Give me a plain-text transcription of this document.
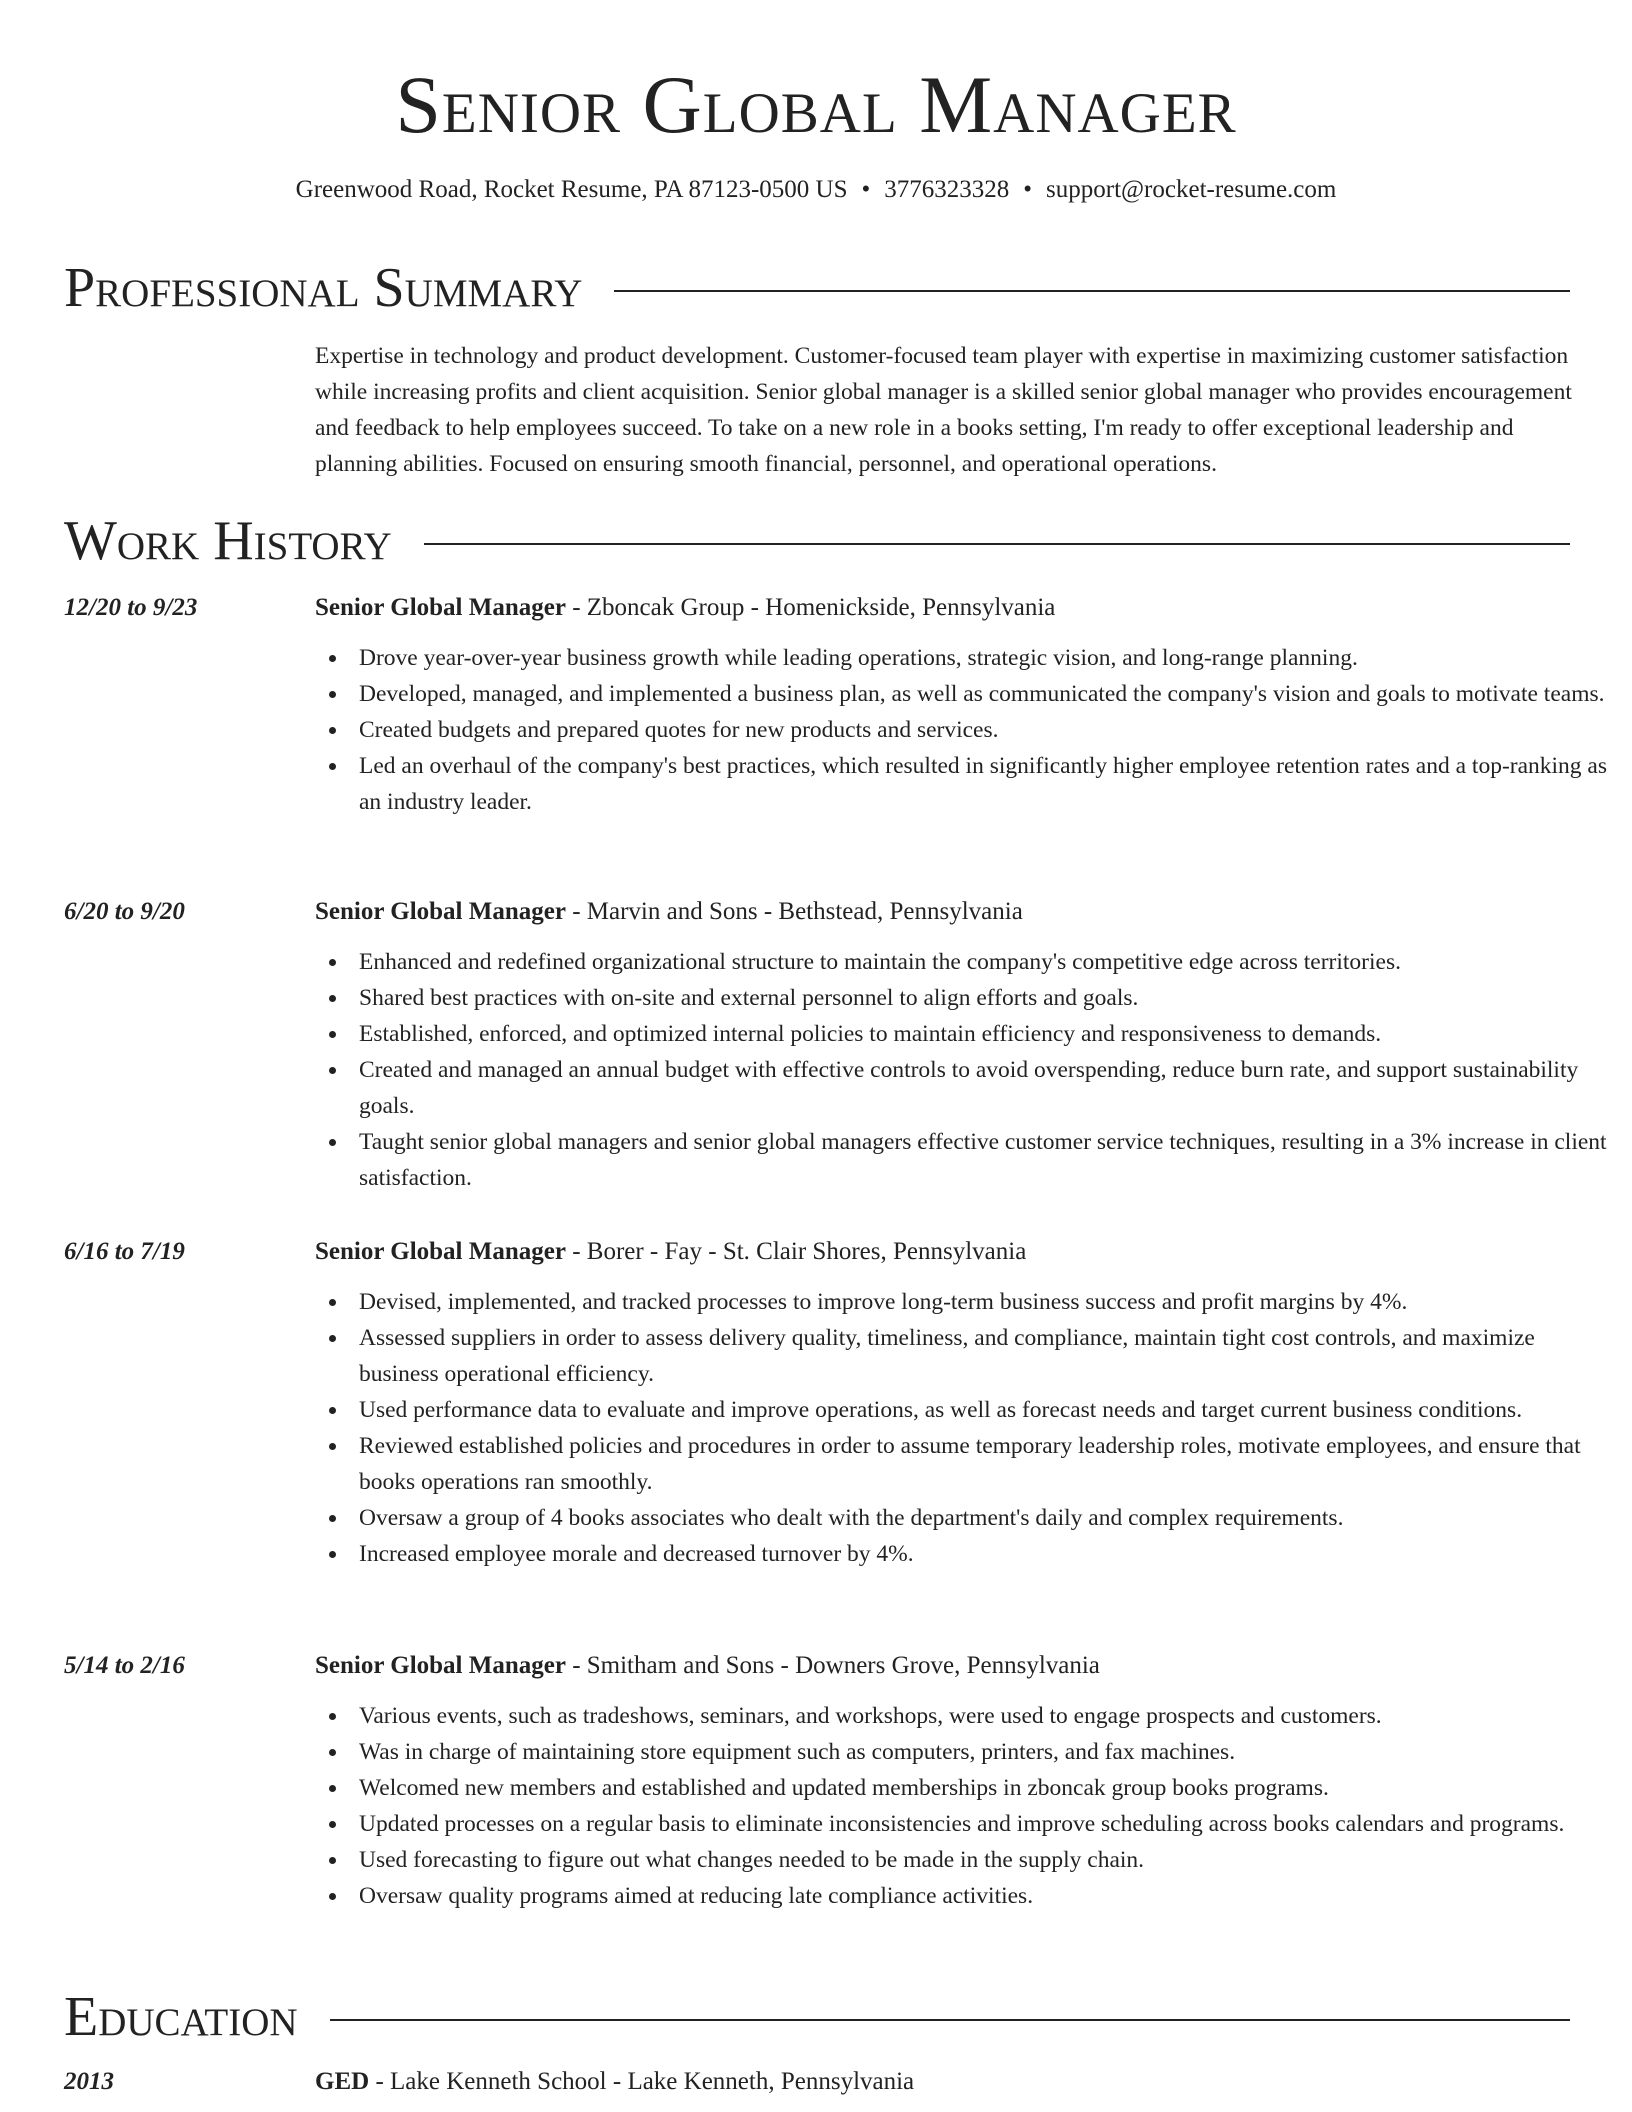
Senior Global Manager
Greenwood Road, Rocket Resume, PA 87123-0500 US • 3776323328 • support@rocket-resume.com
Professional Summary
Expertise in technology and product development. Customer-focused team player with expertise in maximizing customer satisfaction while increasing profits and client acquisition. Senior global manager is a skilled senior global manager who provides encouragement and feedback to help employees succeed. To take on a new role in a books setting, I'm ready to offer exceptional leadership and planning abilities. Focused on ensuring smooth financial, personnel, and operational operations.
Work History
12/20 to 9/23	Senior Global Manager - Zboncak Group - Homenickside, Pennsylvania
Drove year-over-year business growth while leading operations, strategic vision, and long-range planning.
Developed, managed, and implemented a business plan, as well as communicated the company's vision and goals to motivate teams.
Created budgets and prepared quotes for new products and services.
Led an overhaul of the company's best practices, which resulted in significantly higher employee retention rates and a top-ranking as an industry leader.
6/20 to 9/20	Senior Global Manager - Marvin and Sons - Bethstead, Pennsylvania
Enhanced and redefined organizational structure to maintain the company's competitive edge across territories.
Shared best practices with on-site and external personnel to align efforts and goals.
Established, enforced, and optimized internal policies to maintain efficiency and responsiveness to demands.
Created and managed an annual budget with effective controls to avoid overspending, reduce burn rate, and support sustainability goals.
Taught senior global managers and senior global managers effective customer service techniques, resulting in a 3% increase in client satisfaction.
6/16 to 7/19	Senior Global Manager - Borer - Fay - St. Clair Shores, Pennsylvania
Devised, implemented, and tracked processes to improve long-term business success and profit margins by 4%.
Assessed suppliers in order to assess delivery quality, timeliness, and compliance, maintain tight cost controls, and maximize business operational efficiency.
Used performance data to evaluate and improve operations, as well as forecast needs and target current business conditions.
Reviewed established policies and procedures in order to assume temporary leadership roles, motivate employees, and ensure that books operations ran smoothly.
Oversaw a group of 4 books associates who dealt with the department's daily and complex requirements.
Increased employee morale and decreased turnover by 4%.
5/14 to 2/16	Senior Global Manager - Smitham and Sons - Downers Grove, Pennsylvania
Various events, such as tradeshows, seminars, and workshops, were used to engage prospects and customers.
Was in charge of maintaining store equipment such as computers, printers, and fax machines.
Welcomed new members and established and updated memberships in zboncak group books programs.
Updated processes on a regular basis to eliminate inconsistencies and improve scheduling across books calendars and programs.
Used forecasting to figure out what changes needed to be made in the supply chain.
Oversaw quality programs aimed at reducing late compliance activities.
Education
2013	GED - Lake Kenneth School - Lake Kenneth, Pennsylvania
